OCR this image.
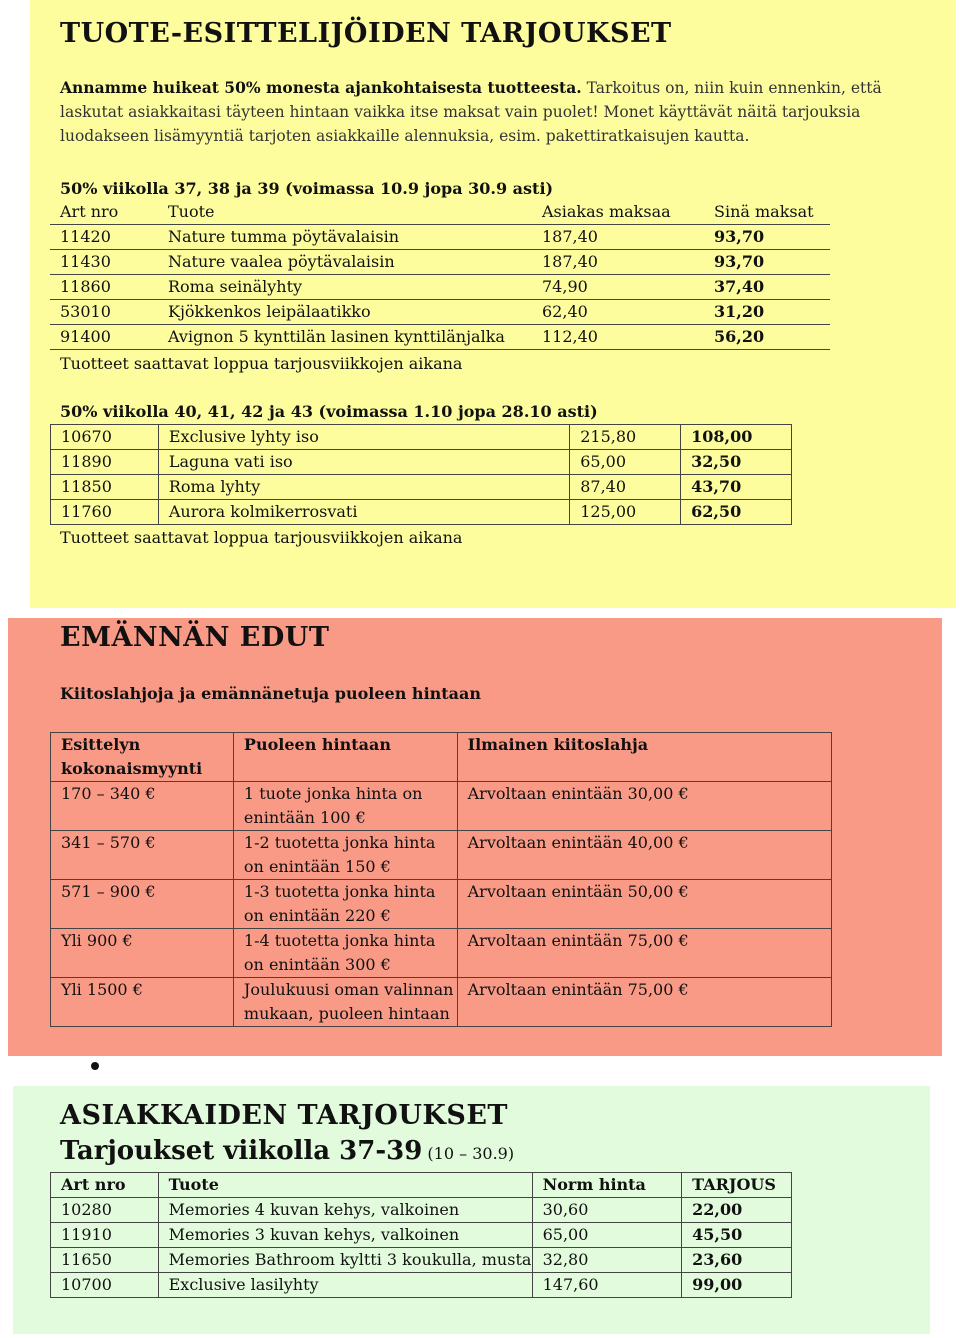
TUOTE-ESITTELIJÖIDEN TARJOUKSET
Annamme huikeat 50% monesta ajankohtaisesta tuotteesta. Tarkoitus on, niin kuin ennenkin, että laskutat asiakkaitasi täyteen hintaan vaikka itse maksat vain puolet! Monet käyttävät näitä tarjouksia luodakseen lisämyyntiä tarjoten asiakkaille alennuksia, esim. pakettiratkaisujen kautta.
50% viikolla 37, 38 ja 39 (voimassa 10.9 jopa 30.9 asti)
Art nro	Tuote	Asiakas maksaa	Sinä maksat
11420	Nature tumma pöytävalaisin	187,40	93,70
11430	Nature vaalea pöytävalaisin	187,40	93,70
11860	Roma seinälyhty	74,90	37,40
53010	Kjökkenkos leipälaatikko	62,40	31,20
91400	Avignon 5 kynttilän lasinen kynttilänjalka	112,40	56,20
Tuotteet saattavat loppua tarjousviikkojen aikana
50% viikolla 40, 41, 42 ja 43 (voimassa 1.10 jopa 28.10 asti)
10670	Exclusive lyhty iso	215,80	108,00
11890	Laguna vati iso	65,00	32,50
11850	Roma lyhty	87,40	43,70
11760	Aurora kolmikerrosvati	125,00	62,50
Tuotteet saattavat loppua tarjousviikkojen aikana
EMÄNNÄN EDUT
Kiitoslahjoja ja emännänetuja puoleen hintaan
Esittelyn kokonaismyynti	Puoleen hintaan	Ilmainen kiitoslahja
170 – 340 €	1 tuote jonka hinta on enintään 100 €	Arvoltaan enintään 30,00 €
341 – 570 €	1-2 tuotetta jonka hinta on enintään 150 €	Arvoltaan enintään 40,00 €
571 – 900 €	1-3 tuotetta jonka hinta on enintään 220 €	Arvoltaan enintään 50,00 €
Yli 900 €	1-4 tuotetta jonka hinta on enintään 300 €	Arvoltaan enintään 75,00 €
Yli 1500 €	Joulukuusi oman valinnan mukaan, puoleen hintaan	Arvoltaan enintään 75,00 €
ASIAKKAIDEN TARJOUKSET
Tarjoukset viikolla 37-39 (10 – 30.9)
Art nro	Tuote	Norm hinta	TARJOUS
10280	Memories 4 kuvan kehys, valkoinen	30,60	22,00
11910	Memories 3 kuvan kehys, valkoinen	65,00	45,50
11650	Memories Bathroom kyltti 3 koukulla, musta	32,80	23,60
10700	Exclusive lasilyhty	147,60	99,00
